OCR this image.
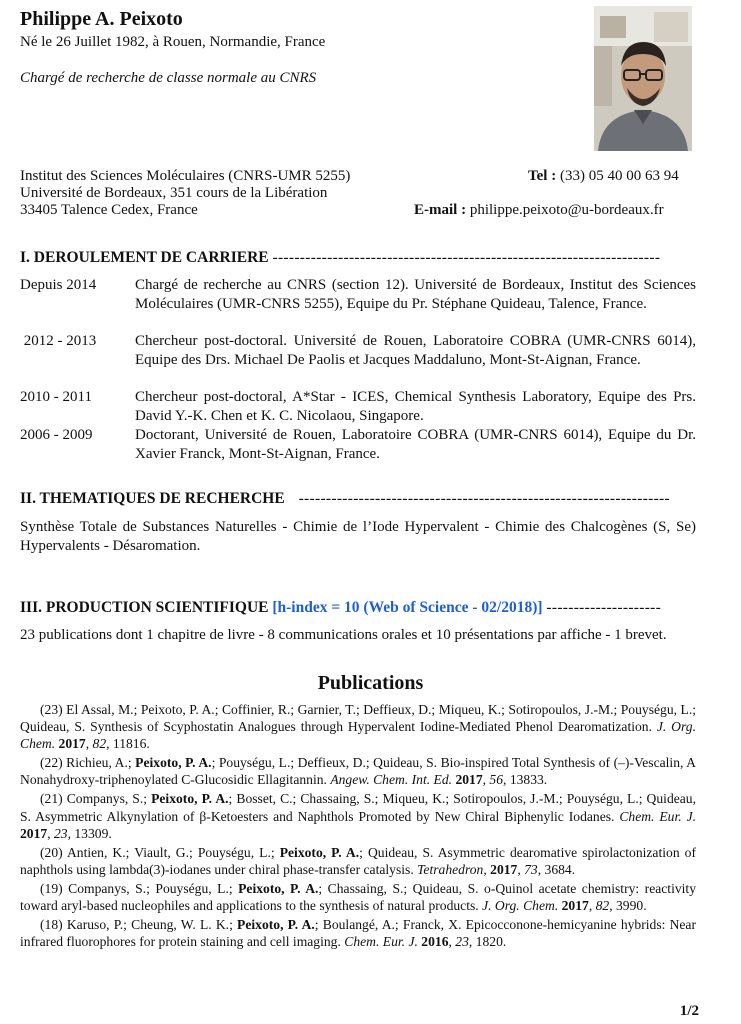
Philippe A. Peixoto
Né le 26 Juillet 1982, à Rouen, Normandie, France
Chargé de recherche de classe normale au CNRS
Institut des Sciences Moléculaires (CNRS-UMR 5255)
Université de Bordeaux, 351 cours de la Libération
33405 Talence Cedex, France
Tel : (33) 05 40 00 63 94
E-mail : philippe.peixoto@u-bordeaux.fr
I. DEROULEMENT DE CARRIERE -----------------------------------------------------------------------
Depuis 2014	Chargé de recherche au CNRS (section 12). Université de Bordeaux, Institut des Sciences Moléculaires (UMR-CNRS 5255), Equipe du Pr. Stéphane Quideau, Talence, France.
2012 - 2013	Chercheur post-doctoral. Université de Rouen, Laboratoire COBRA (UMR-CNRS 6014), Equipe des Drs. Michael De Paolis et Jacques Maddaluno, Mont-St-Aignan, France.
2010 - 2011	Chercheur post-doctoral, A*Star - ICES, Chemical Synthesis Laboratory, Equipe des Prs. David Y.-K. Chen et K. C. Nicolaou, Singapore.
2006 - 2009	Doctorant, Université de Rouen, Laboratoire COBRA (UMR-CNRS 6014), Equipe du Dr. Xavier Franck, Mont-St-Aignan, France.
II. THEMATIQUES DE RECHERCHE --------------------------------------------------------------------
Synthèse Totale de Substances Naturelles - Chimie de l’Iode Hypervalent - Chimie des Chalcogènes (S, Se) Hypervalents - Désaromation.
III. PRODUCTION SCIENTIFIQUE [h-index = 10 (Web of Science - 02/2018)] ---------------------
23 publications dont 1 chapitre de livre - 8 communications orales et 10 présentations par affiche - 1 brevet.
Publications

(23) El Assal, M.; Peixoto, P. A.; Coffinier, R.; Garnier, T.; Deffieux, D.; Miqueu, K.; Sotiropoulos, J.-M.; Pouységu, L.; Quideau, S. Synthesis of Scyphostatin Analogues through Hypervalent Iodine-Mediated Phenol Dearomatization. J. Org. Chem. 2017, 82, 11816.

(22) Richieu, A.; Peixoto, P. A.; Pouységu, L.; Deffieux, D.; Quideau, S. Bio-inspired Total Synthesis of (–)-Vescalin, A Nonahydroxy-triphenoylated C-Glucosidic Ellagitannin. Angew. Chem. Int. Ed. 2017, 56, 13833.

(21) Companys, S.; Peixoto, P. A.; Bosset, C.; Chassaing, S.; Miqueu, K.; Sotiropoulos, J.-M.; Pouységu, L.; Quideau, S. Asymmetric Alkynylation of β-Ketoesters and Naphthols Promoted by New Chiral Biphenylic Iodanes. Chem. Eur. J. 2017, 23, 13309.

(20) Antien, K.; Viault, G.; Pouységu, L.; Peixoto, P. A.; Quideau, S. Asymmetric dearomative spirolactonization of naphthols using lambda(3)-iodanes under chiral phase-transfer catalysis. Tetrahedron, 2017, 73, 3684.

(19) Companys, S.; Pouységu, L.; Peixoto, P. A.; Chassaing, S.; Quideau, S. o-Quinol acetate chemistry: reactivity toward aryl-based nucleophiles and applications to the synthesis of natural products. J. Org. Chem. 2017, 82, 3990.

(18) Karuso, P.; Cheung, W. L. K.; Peixoto, P. A.; Boulangé, A.; Franck, X. Epicocconone-hemicyanine hybrids: Near infrared fluorophores for protein staining and cell imaging. Chem. Eur. J. 2016, 23, 1820.

1/2
